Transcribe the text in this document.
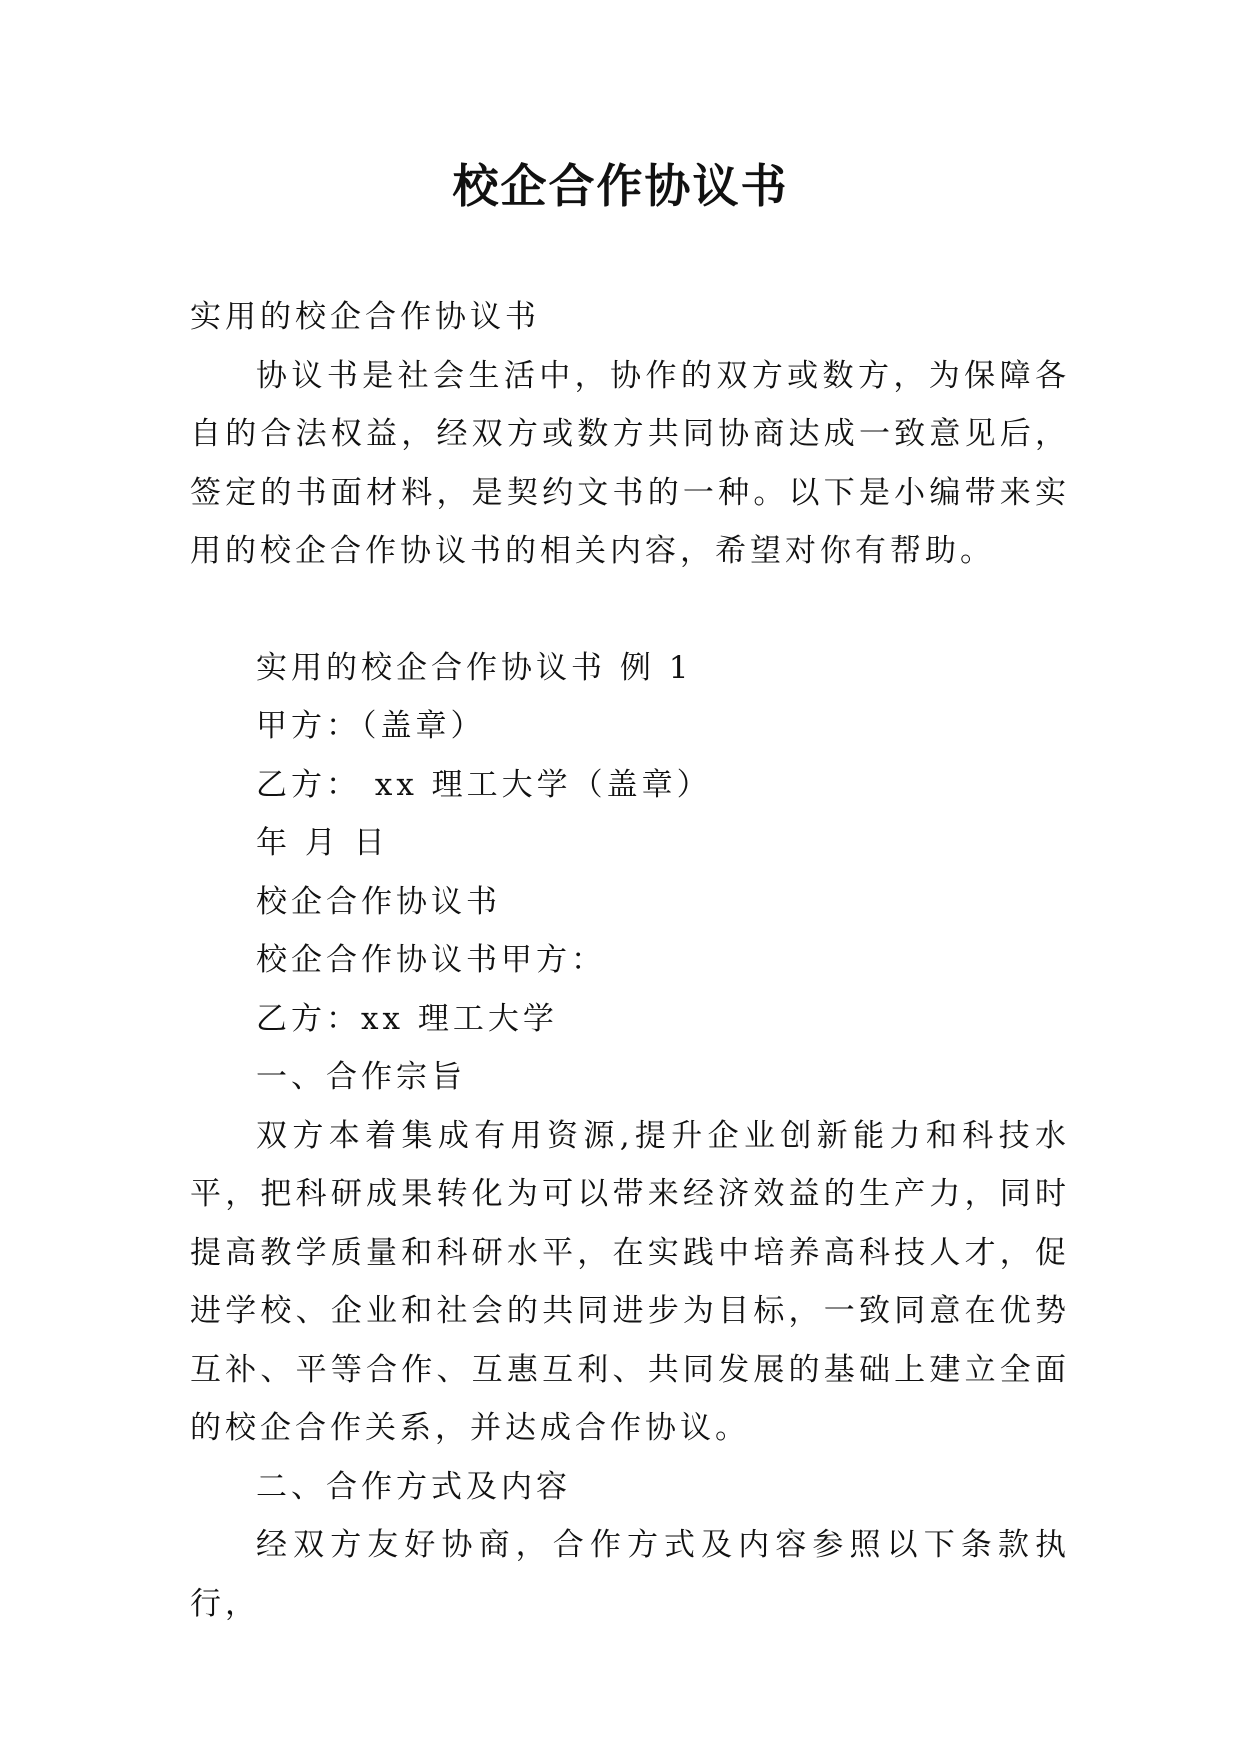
校企合作协议书

实用的校企合作协议书

协议书是社会生活中，协作的双方或数方，为保障各自的合法权益，经双方或数方共同协商达成一致意见后，签定的书面材料，是契约文书的一种。以下是小编带来实用的校企合作协议书的相关内容，希望对你有帮助。

实用的校企合作协议书 例 1

甲方：（盖章）

乙方： xx 理工大学（盖章）

年 月 日

校企合作协议书

校企合作协议书甲方：

乙方：xx 理工大学

一、合作宗旨

双方本着集成有用资源,提升企业创新能力和科技水平，把科研成果转化为可以带来经济效益的生产力，同时提高教学质量和科研水平，在实践中培养高科技人才，促进学校、企业和社会的共同进步为目标，一致同意在优势互补、平等合作、互惠互利、共同发展的基础上建立全面的校企合作关系，并达成合作协议。

二、合作方式及内容

经双方友好协商，合作方式及内容参照以下条款执行，
